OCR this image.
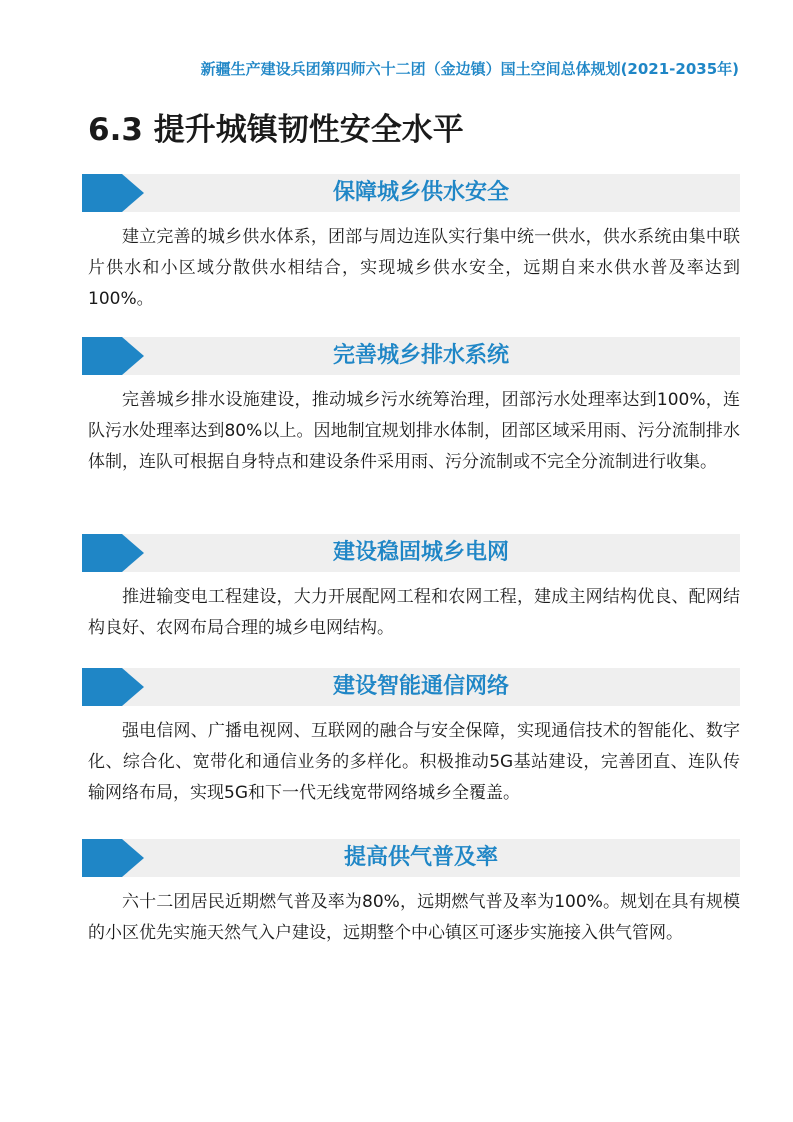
新疆生产建设兵团第四师六十二团（金边镇）国土空间总体规划(2021-2035年)
6.3 提升城镇韧性安全水平
保障城乡供水安全

建立完善的城乡供水体系，团部与周边连队实行集中统一供水，供水系统由集中联片供水和小区域分散供水相结合，实现城乡供水安全，远期自来水供水普及率达到100%。

完善城乡排水系统

完善城乡排水设施建设，推动城乡污水统筹治理，团部污水处理率达到100%，连队污水处理率达到80%以上。因地制宜规划排水体制，团部区域采用雨、污分流制排水体制，连队可根据自身特点和建设条件采用雨、污分流制或不完全分流制进行收集。

建设稳固城乡电网

推进输变电工程建设，大力开展配网工程和农网工程，建成主网结构优良、配网结构良好、农网布局合理的城乡电网结构。

建设智能通信网络

强电信网、广播电视网、互联网的融合与安全保障，实现通信技术的智能化、数字化、综合化、宽带化和通信业务的多样化。积极推动5G基站建设，完善团直、连队传输网络布局，实现5G和下一代无线宽带网络城乡全覆盖。

提高供气普及率

六十二团居民近期燃气普及率为80%，远期燃气普及率为100%。规划在具有规模的小区优先实施天然气入户建设，远期整个中心镇区可逐步实施接入供气管网。
